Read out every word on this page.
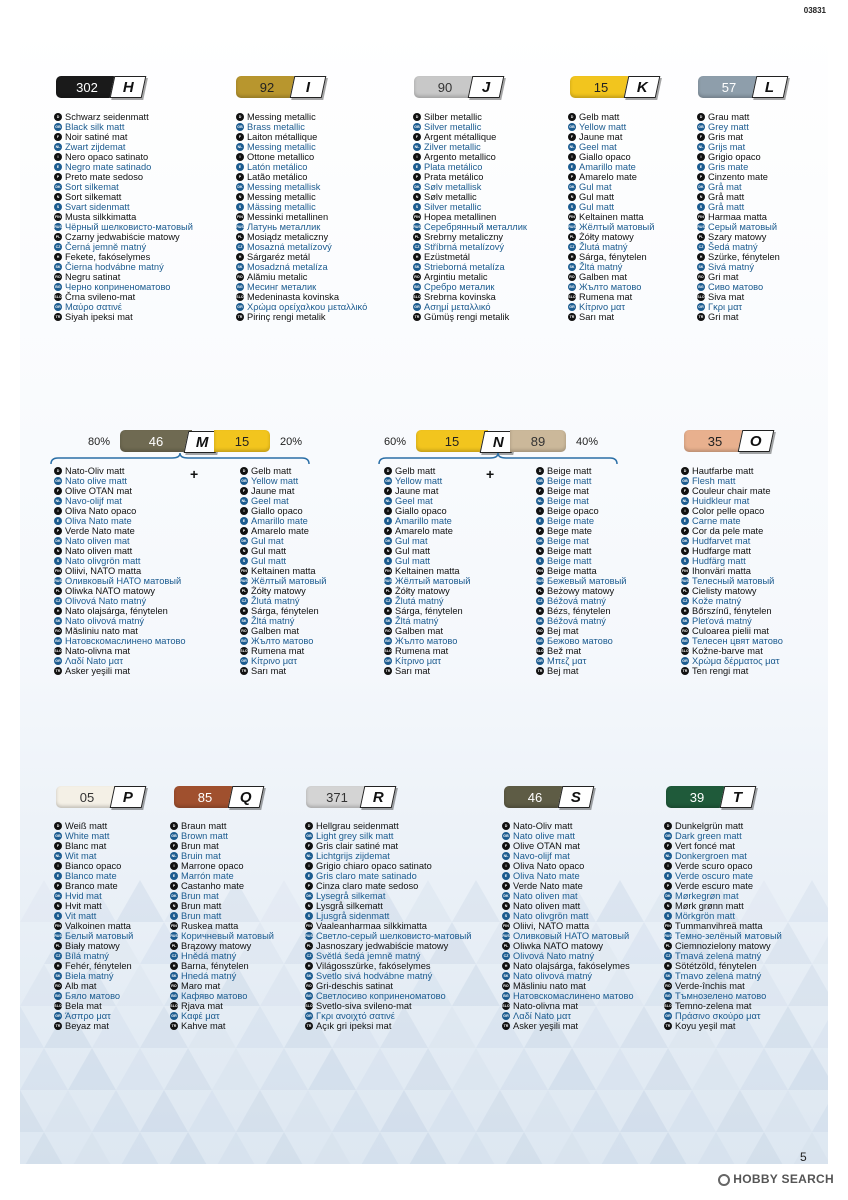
03831
302 H
D Schwarz seidenmatt
GB Black silk matt
F Noir satiné mat
NL Zwart zijdemat
I Nero opaco satinato
E Negro mate satinado
P Preto mate sedoso
DK Sort silkemat
N Sort silkematt
S Svart sidenmatt
FIN Musta silkkimatta
RUS Чёрный шелковисто-матовый
PL Czarny jedwabiście matowy
CZ Černá jemně matný
H Fekete, fakóselymes
SK Čierna hodvábne matný
RO Negru satinat
BG Черно коприненоматово
SLO Črna svileno-mat
GR Μαύρο σατινέ
TR Siyah ipeksi mat
92 I
D Messing metallic
GB Brass metallic
F Laiton métallique
NL Messing metallic
I Ottone metallico
E Latón metálico
P Latão metálico
DK Messing metallisk
N Messing metallic
S Mässing metallic
FIN Messinki metallinen
RUS Латунь металлик
PL Mosiądz metaliczny
CZ Mosazná metalízový
H Sárgaréz metál
SK Mosadzná metalíza
RO Alămiu metalic
BG Месинг металик
SLO Medeninasta kovinska
GR Χρώμα ορείχαλκου μεταλλικό
TR Pirinç rengi metalik
90 J
D Silber metallic
GB Silver metallic
F Argent métallique
NL Zilver metallic
I Argento metallico
E Plata metálico
P Prata metálico
DK Sølv metallisk
N Sølv metallic
S Silver metallic
FIN Hopea metallinen
RUS Серебрянный металлик
PL Srebrny metaliczny
CZ Stříbrná metalízový
H Ezüstmetál
SK Strieborná metalíza
RO Argintiu metalic
BG Сребро металик
SLO Srebrna kovinska
GR Ασημί μεταλλικό
TR Gümüş rengi metalik
15 K
D Gelb matt
GB Yellow matt
F Jaune mat
NL Geel mat
I Giallo opaco
E Amarillo mate
P Amarelo mate
DK Gul mat
N Gul matt
S Gul matt
FIN Keltainen matta
RUS Жёлтый матовый
PL Żółty matowy
CZ Žlutá matný
H Sárga, fénytelen
SK Žltá matný
RO Galben mat
BG Жълто матово
SLO Rumena mat
GR Κίτρινο ματ
TR Sarı mat
57 L
D Grau matt
GB Grey matt
F Gris mat
NL Grijs mat
I Grigio opaco
E Gris mate
P Cinzento mate
DK Grå mat
N Grå matt
S Grå matt
FIN Harmaa matta
RUS Серый матовый
PL Szary matowy
CZ Šedá matný
H Szürke, fénytelen
SK Sivá matný
RO Gri mat
BG Сиво матово
SLO Siva mat
GR Γκρι ματ
TR Gri mat
35 O
D Hautfarbe matt
GB Flesh matt
F Couleur chair mate
NL Huidkleur mat
I Color pelle opaco
E Carne mate
P Cor da pele mate
DK Hudfarvet mat
N Hudfarge matt
S Hudfärg matt
FIN Ihonväri matta
RUS Телесный матовый
PL Cielisty matowy
CZ Kože matný
H Bőrszínű, fénytelen
SK Pleťová matný
RO Culoarea pielii mat
BG Телесен цвят матово
SLO Kožne-barve mat
GR Χρώμα δέρματος ματ
TR Ten rengi mat
05 P
D Weiß matt
GB White matt
F Blanc mat
NL Wit mat
I Bianco opaco
E Blanco mate
P Branco mate
DK Hvid mat
N Hvit matt
S Vit matt
FIN Valkoinen matta
RUS Белый матовый
PL Biały matowy
CZ Bílá matný
H Fehér, fénytelen
SK Biela matný
RO Alb mat
BG Бяло матово
SLO Bela mat
GR Άσπρο ματ
TR Beyaz mat
85 Q
D Braun matt
GB Brown matt
F Brun mat
NL Bruin mat
I Marrone opaco
E Marrón mate
P Castanho mate
DK Brun mat
N Brun matt
S Brun matt
FIN Ruskea matta
RUS Коричневый матовый
PL Brązowy matowy
CZ Hnědá matný
H Barna, fénytelen
SK Hnedá matný
RO Maro mat
BG Кафяво матово
SLO Rjava mat
GR Καφέ ματ
TR Kahve mat
371 R
D Hellgrau seidenmatt
GB Light grey silk matt
F Gris clair satiné mat
NL Lichtgrijs zijdemat
I Grigio chiaro opaco satinato
E Gris claro mate satinado
P Cinza claro mate sedoso
DK Lysegrå silkemat
N Lysgrå silkematt
S Ljusgrå sidenmatt
FIN Vaaleanharmaa silkkimatta
RUS Светло-серый шелковисто-матовый
PL Jasnoszary jedwabiście matowy
CZ Světlá šedá jemně matný
H Világosszürke, fakóselymes
SK Svetlo sivá hodvábne matný
RO Gri-deschis satinat
BG Светлосиво коприненоматово
SLO Svetlo-siva svileno-mat
GR Γκρι ανοιχτό σατινέ
TR Açık gri ipeksi mat
46 S
D Nato-Oliv matt
GB Nato olive matt
F Olive OTAN mat
NL Navo-olijf mat
I Oliva Nato opaco
E Oliva Nato mate
P Verde Nato mate
DK Nato oliven mat
N Nato oliven matt
S Nato olivgrön matt
FIN Oliivi, NATO matta
RUS Оливковый НАТО матовый
PL Oliwka NATO matowy
CZ Olivová Nato matný
H Nato olajsárga, fakóselymes
SK Nato olivová matný
RO Măsliniu nato mat
BG Натовскомаслинено матово
SLO Nato-olivna mat
GR Λαδί Nato ματ
TR Asker yeşili mat
39 T
D Dunkelgrün matt
GB Dark green matt
F Vert foncé mat
NL Donkergroen mat
I Verde scuro opaco
E Verde oscuro mate
P Verde escuro mate
DK Mørkegrøn mat
N Mørk grønn matt
S Mörkgrön matt
FIN Tummanvihreä matta
RUS Темно-зелёный матовый
PL Ciemnozielony matowy
CZ Tmavá zelená matný
H Sötétzöld, fénytelen
SK Tmavo zelená matný
RO Verde-închis mat
BG Тъмнозелено матово
SLO Temno-zelena mat
GR Πράσινο σκούρο ματ
TR Koyu yeşil mat
80%	20%
46 M 15
+
D Nato-Oliv matt
GB Nato olive matt
F Olive OTAN mat
NL Navo-olijf mat
I Oliva Nato opaco
E Oliva Nato mate
P Verde Nato mate
DK Nato oliven mat
N Nato oliven matt
S Nato olivgrön matt
FIN Oliivi, NATO matta
RUS Оливковый НАТО матовый
PL Oliwka NATO matowy
CZ Olivová Nato matný
H Nato olajsárga, fénytelen
SK Nato olivová matný
RO Măsliniu nato mat
BG Натовскомаслинено матово
SLO Nato-olivna mat
GR Λαδί Nato ματ
TR Asker yeşili mat
D Gelb matt
GB Yellow matt
F Jaune mat
NL Geel mat
I Giallo opaco
E Amarillo mate
P Amarelo mate
DK Gul mat
N Gul matt
S Gul matt
FIN Keltainen matta
RUS Жёлтый матовый
PL Żółty matowy
CZ Žlutá matný
H Sárga, fénytelen
SK Žltá matný
RO Galben mat
BG Жълто матово
SLO Rumena mat
GR Κίτρινο ματ
TR Sarı mat
60%	40%
15 N 89
+
D Gelb matt
GB Yellow matt
F Jaune mat
NL Geel mat
I Giallo opaco
E Amarillo mate
P Amarelo mate
DK Gul mat
N Gul matt
S Gul matt
FIN Keltainen matta
RUS Жёлтый матовый
PL Żółty matowy
CZ Žlutá matný
H Sárga, fénytelen
SK Žltá matný
RO Galben mat
BG Жълто матово
SLO Rumena mat
GR Κίτρινο ματ
TR Sarı mat
D Beige matt
GB Beige matt
F Beige mat
NL Beige mat
I Beige opaco
E Beige mate
P Bege mate
DK Beige mat
N Beige matt
S Beige matt
FIN Beige matta
RUS Бежевый матовый
PL Beżowy matowy
CZ Béžová matný
H Bézs, fénytelen
SK Béžová matný
RO Bej mat
BG Бежово матово
SLO Bež mat
GR Μπεζ ματ
TR Bej mat
5
HOBBY SEARCH
